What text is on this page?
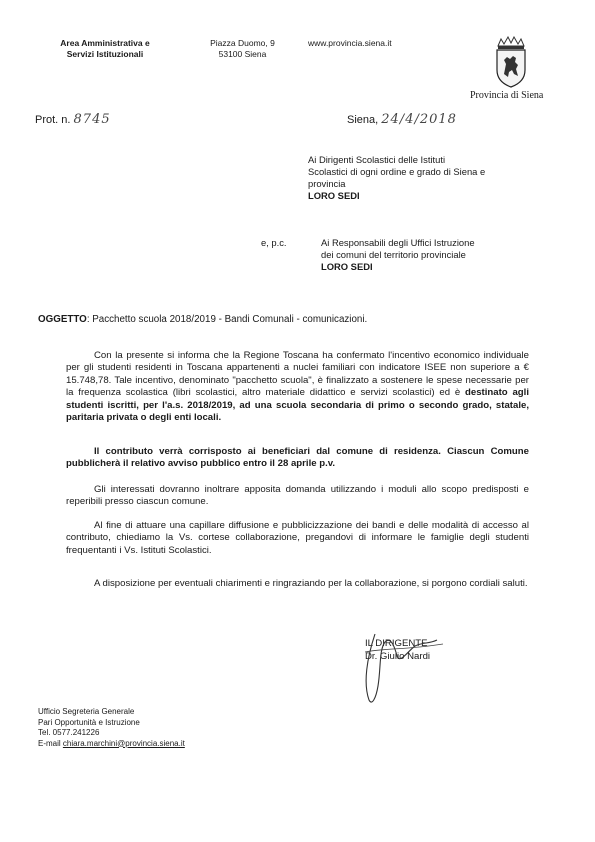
Area Amministrativa e
Servizi Istituzionali
Piazza Duomo, 9
53100 Siena
www.provincia.siena.it
Provincia di Siena
Prot. n. 8745	Siena, 24/4/2018
Ai Dirigenti Scolastici delle Istituti
Scolastici di ogni ordine e grado di Siena e
provincia
LORO SEDI
e, p.c.	Ai Responsabili degli Uffici Istruzione
dei comuni del territorio provinciale
LORO SEDI
OGGETTO: Pacchetto scuola 2018/2019 - Bandi Comunali - comunicazioni.
Con la presente si informa che la Regione Toscana ha confermato l'incentivo economico individuale per gli studenti residenti in Toscana appartenenti a nuclei familiari con indicatore ISEE non superiore a € 15.748,78. Tale incentivo, denominato "pacchetto scuola", è finalizzato a sostenere le spese necessarie per la frequenza scolastica (libri scolastici, altro materiale didattico e servizi scolastici) ed è destinato agli studenti iscritti, per l'a.s. 2018/2019, ad una scuola secondaria di primo o secondo grado, statale, paritaria privata o degli enti locali.
Il contributo verrà corrisposto ai beneficiari dal comune di residenza. Ciascun Comune pubblicherà il relativo avviso pubblico entro il 28 aprile p.v.
Gli interessati dovranno inoltrare apposita domanda utilizzando i moduli allo scopo predisposti e reperibili presso ciascun comune.
Al fine di attuare una capillare diffusione e pubblicizzazione dei bandi e delle modalità di accesso al contributo, chiediamo la Vs. cortese collaborazione, pregandovi di informare le famiglie degli studenti frequentanti i Vs. Istituti Scolastici.
A disposizione per eventuali chiarimenti e ringraziando per la collaborazione, si porgono cordiali saluti.
IL DIRIGENTE
Dr. Giulio Nardi
Ufficio Segreteria Generale
Pari Opportunità e Istruzione
Tel. 0577.241226
E-mail chiara.marchini@provincia.siena.it
